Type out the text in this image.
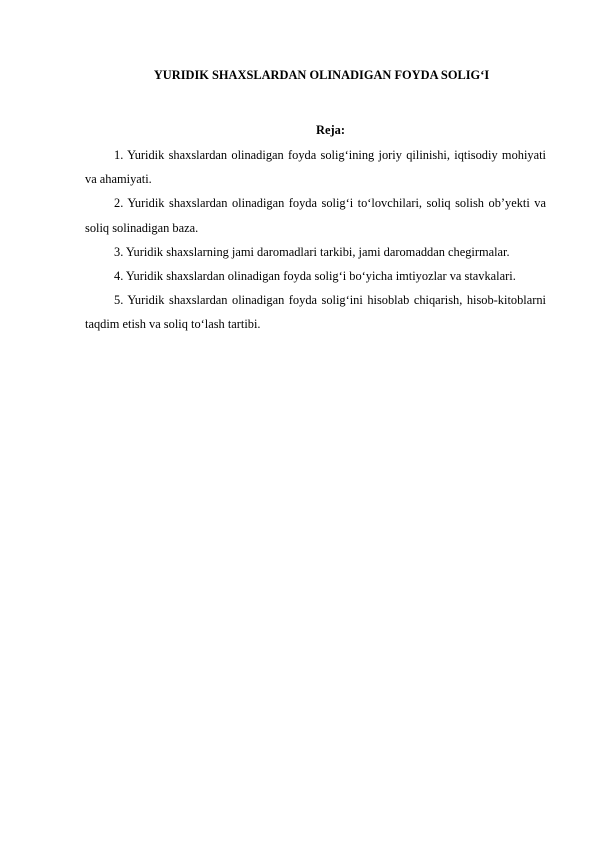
YURIDIK SHAXSLARDAN OLINADIGAN FOYDA SOLIG‘I
Reja:
1. Yuridik shaxslardan olinadigan foyda solig‘ining joriy qilinishi, iqtisodiy mohiyati va ahamiyati.
2. Yuridik shaxslardan olinadigan foyda solig‘i to‘lovchilari, soliq solish ob’yekti va soliq solinadigan baza.
3. Yuridik shaxslarning jami daromadlari tarkibi, jami daromaddan chegirmalar.
4. Yuridik shaxslardan olinadigan foyda solig‘i bo‘yicha imtiyozlar va stavkalari.
5. Yuridik shaxslardan olinadigan foyda solig‘ini hisoblab chiqarish, hisob-kitoblarni taqdim etish va soliq to‘lash tartibi.
